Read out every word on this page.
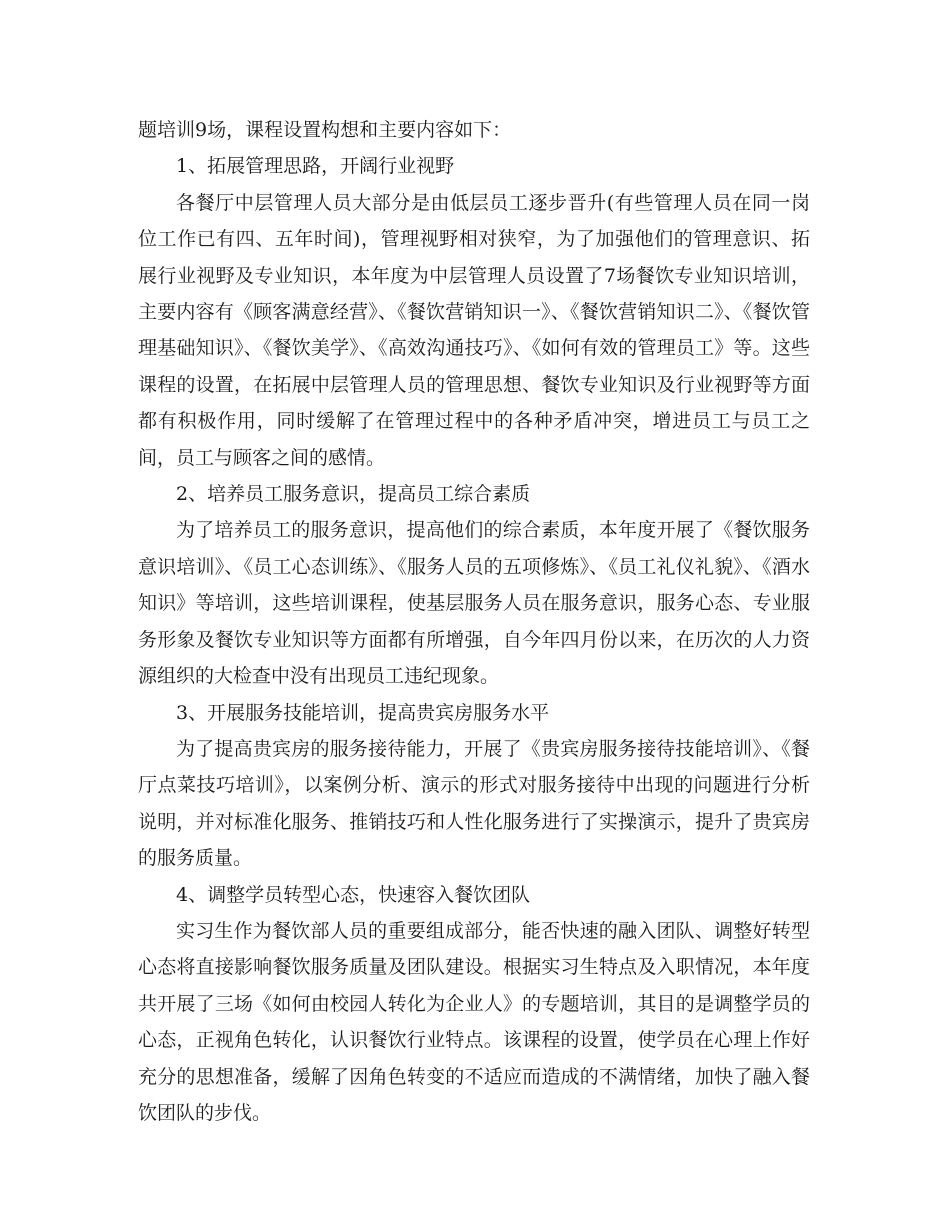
题培训9场，课程设置构想和主要内容如下：

1、拓展管理思路，开阔行业视野

各餐厅中层管理人员大部分是由低层员工逐步晋升(有些管理人员在同一岗位工作已有四、五年时间)，管理视野相对狭窄，为了加强他们的管理意识、拓展行业视野及专业知识，本年度为中层管理人员设置了7场餐饮专业知识培训，主要内容有《顾客满意经营》、《餐饮营销知识一》、《餐饮营销知识二》、《餐饮管理基础知识》、《餐饮美学》、《高效沟通技巧》、《如何有效的管理员工》等。这些课程的设置，在拓展中层管理人员的管理思想、餐饮专业知识及行业视野等方面都有积极作用，同时缓解了在管理过程中的各种矛盾冲突，增进员工与员工之间，员工与顾客之间的感情。

2、培养员工服务意识，提高员工综合素质

为了培养员工的服务意识，提高他们的综合素质，本年度开展了《餐饮服务意识培训》、《员工心态训练》、《服务人员的五项修炼》、《员工礼仪礼貌》、《酒水知识》等培训，这些培训课程，使基层服务人员在服务意识，服务心态、专业服务形象及餐饮专业知识等方面都有所增强，自今年四月份以来，在历次的人力资源组织的大检查中没有出现员工违纪现象。

3、开展服务技能培训，提高贵宾房服务水平

为了提高贵宾房的服务接待能力，开展了《贵宾房服务接待技能培训》、《餐厅点菜技巧培训》，以案例分析、演示的形式对服务接待中出现的问题进行分析说明，并对标准化服务、推销技巧和人性化服务进行了实操演示，提升了贵宾房的服务质量。

4、调整学员转型心态，快速容入餐饮团队

实习生作为餐饮部人员的重要组成部分，能否快速的融入团队、调整好转型心态将直接影响餐饮服务质量及团队建设。根据实习生特点及入职情况，本年度共开展了三场《如何由校园人转化为企业人》的专题培训，其目的是调整学员的心态，正视角色转化，认识餐饮行业特点。该课程的设置，使学员在心理上作好充分的思想准备，缓解了因角色转变的不适应而造成的不满情绪，加快了融入餐饮团队的步伐。
